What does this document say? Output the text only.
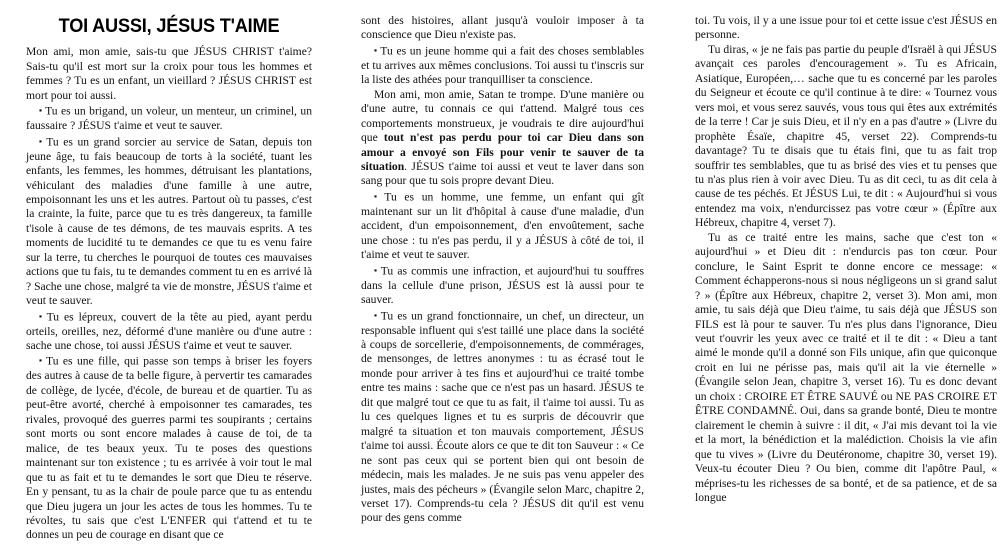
TOI AUSSI, JÉSUS T'AIME

Mon ami, mon amie, sais-tu que JÉSUS CHRIST t'aime? Sais-tu qu'il est mort sur la croix pour tous les hommes et femmes ? Tu es un enfant, un vieillard ? JÉSUS CHRIST est mort pour toi aussi.

▪ Tu es un brigand, un voleur, un menteur, un criminel, un faussaire ? JÉSUS t'aime et veut te sauver.

▪ Tu es un grand sorcier au service de Satan, depuis ton jeune âge, tu fais beaucoup de torts à la société, tuant les enfants, les femmes, les hommes, détruisant les plantations, véhiculant des maladies d'une famille à une autre, empoisonnant les uns et les autres. Partout où tu passes, c'est la crainte, la fuite, parce que tu es très dangereux, ta famille t'isole à cause de tes démons, de tes mauvais esprits. A tes moments de lucidité tu te demandes ce que tu es venu faire sur la terre, tu cherches le pourquoi de toutes ces mauvaises actions que tu fais, tu te demandes comment tu en es arrivé là ? Sache une chose, malgré ta vie de monstre, JÉSUS t'aime et veut te sauver.

▪ Tu es lépreux, couvert de la tête au pied, ayant perdu orteils, oreilles, nez, déformé d'une manière ou d'une autre : sache une chose, toi aussi JÉSUS t'aime et veut te sauver.

▪ Tu es une fille, qui passe son temps à briser les foyers des autres à cause de ta belle figure, à pervertir tes camarades de collège, de lycée, d'école, de bureau et de quartier. Tu as peut-être avorté, cherché à empoisonner tes camarades, tes rivales, provoqué des guerres parmi tes soupirants ; certains sont morts ou sont encore malades à cause de toi, de ta malice, de tes beaux yeux. Tu te poses des questions maintenant sur ton existence ; tu es arrivée à voir tout le mal que tu as fait et tu te demandes le sort que Dieu te réserve. En y pensant, tu as la chair de poule parce que tu as entendu que Dieu jugera un jour les actes de tous les hommes. Tu te révoltes, tu sais que c'est L'ENFER qui t'attend et tu te donnes un peu de courage en disant que ce

sont des histoires, allant jusqu'à vouloir imposer à ta conscience que Dieu n'existe pas.

▪ Tu es un jeune homme qui a fait des choses semblables et tu arrives aux mêmes conclusions. Toi aussi tu t'inscris sur la liste des athées pour tranquilliser ta conscience.

Mon ami, mon amie, Satan te trompe. D'une manière ou d'une autre, tu connais ce qui t'attend. Malgré tous ces comportements monstrueux, je voudrais te dire aujourd'hui que tout n'est pas perdu pour toi car Dieu dans son amour a envoyé son Fils pour venir te sauver de ta situation. JÉSUS t'aime toi aussi et veut te laver dans son sang pour que tu sois propre devant Dieu.

▪ Tu es un homme, une femme, un enfant qui gît maintenant sur un lit d'hôpital à cause d'une maladie, d'un accident, d'un empoisonnement, d'en envoûtement, sache une chose : tu n'es pas perdu, il y a JÉSUS à côté de toi, il t'aime et veut te sauver.

▪ Tu as commis une infraction, et aujourd'hui tu souffres dans la cellule d'une prison, JÉSUS est là aussi pour te sauver.

▪ Tu es un grand fonctionnaire, un chef, un directeur, un responsable influent qui s'est taillé une place dans la société à coups de sorcellerie, d'empoisonnements, de commérages, de mensonges, de lettres anonymes : tu as écrasé tout le monde pour arriver à tes fins et aujourd'hui ce traité tombe entre tes mains : sache que ce n'est pas un hasard. JÉSUS te dit que malgré tout ce que tu as fait, il t'aime toi aussi. Tu as lu ces quelques lignes et tu es surpris de découvrir que malgré ta situation et ton mauvais comportement, JÉSUS t'aime toi aussi. Écoute alors ce que te dit ton Sauveur : « Ce ne sont pas ceux qui se portent bien qui ont besoin de médecin, mais les malades. Je ne suis pas venu appeler des justes, mais des pécheurs » (Évangile selon Marc, chapitre 2, verset 17). Comprends-tu cela ? JÉSUS dit qu'il est venu pour des gens comme

toi. Tu vois, il y a une issue pour toi et cette issue c'est JÉSUS en personne.

Tu diras, « je ne fais pas partie du peuple d'Israël à qui JÉSUS avançait ces paroles d'encouragement ». Tu es Africain, Asiatique, Européen,… sache que tu es concerné par les paroles du Seigneur et écoute ce qu'il continue à te dire: « Tournez vous vers moi, et vous serez sauvés, vous tous qui êtes aux extrémités de la terre ! Car je suis Dieu, et il n'y en a pas d'autre » (Livre du prophète Ésaïe, chapitre 45, verset 22). Comprends-tu davantage? Tu te disais que tu étais fini, que tu as fait trop souffrir tes semblables, que tu as brisé des vies et tu penses que tu n'as plus rien à voir avec Dieu. Tu as dit ceci, tu as dit cela à cause de tes péchés. Et JÉSUS Lui, te dit : « Aujourd'hui si vous entendez ma voix, n'endurcissez pas votre cœur » (Épître aux Hébreux, chapitre 4, verset 7).

Tu as ce traité entre les mains, sache que c'est ton « aujourd'hui » et Dieu dit : n'endurcis pas ton cœur. Pour conclure, le Saint Esprit te donne encore ce message: « Comment échapperons-nous si nous négligeons un si grand salut ? » (Épître aux Hébreux, chapitre 2, verset 3). Mon ami, mon amie, tu sais déjà que Dieu t'aime, tu sais déjà que JÉSUS son FILS est là pour te sauver. Tu n'es plus dans l'ignorance, Dieu veut t'ouvrir les yeux avec ce traité et il te dit : « Dieu a tant aimé le monde qu'il a donné son Fils unique, afin que quiconque croit en lui ne périsse pas, mais qu'il ait la vie éternelle » (Évangile selon Jean, chapitre 3, verset 16). Tu es donc devant un choix : CROIRE ET ÊTRE SAUVÉ ou NE PAS CROIRE ET ÊTRE CONDAMNÉ. Oui, dans sa grande bonté, Dieu te montre clairement le chemin à suivre : il dit, « J'ai mis devant toi la vie et la mort, la bénédiction et la malédiction. Choisis la vie afin que tu vives » (Livre du Deutéronome, chapitre 30, verset 19). Veux-tu écouter Dieu ? Ou bien, comme dit l'apôtre Paul, « méprises-tu les richesses de sa bonté, et de sa patience, et de sa longue
